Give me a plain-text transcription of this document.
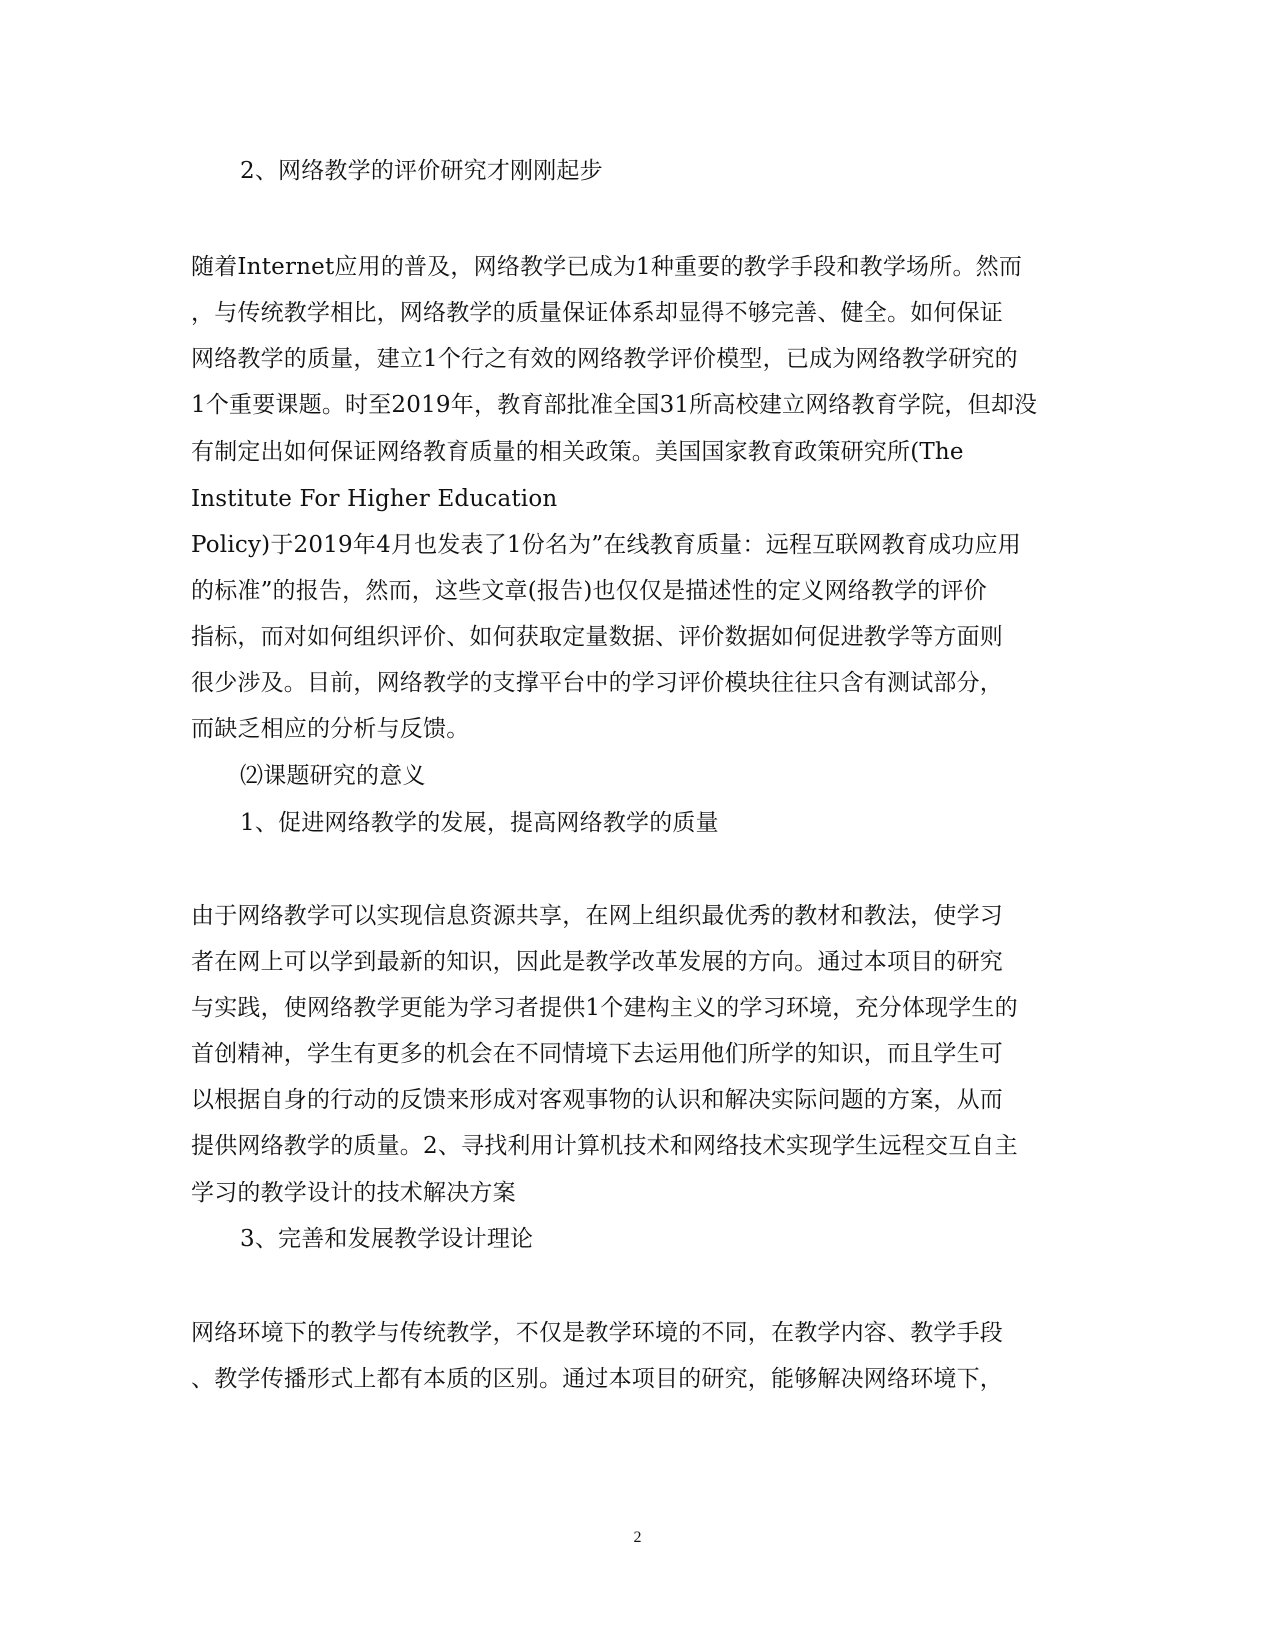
2、网络教学的评价研究才刚刚起步
随着Internet应用的普及，网络教学已成为1种重要的教学手段和教学场所。然而
，与传统教学相比，网络教学的质量保证体系却显得不够完善、健全。如何保证
网络教学的质量，建立1个行之有效的网络教学评价模型，已成为网络教学研究的
1个重要课题。时至2019年，教育部批准全国31所高校建立网络教育学院，但却没
有制定出如何保证网络教育质量的相关政策。美国国家教育政策研究所(The
Institute For Higher Education
Policy)于2019年4月也发表了1份名为”在线教育质量：远程互联网教育成功应用
的标准”的报告，然而，这些文章(报告)也仅仅是描述性的定义网络教学的评价
指标，而对如何组织评价、如何获取定量数据、评价数据如何促进教学等方面则
很少涉及。目前，网络教学的支撑平台中的学习评价模块往往只含有测试部分，
而缺乏相应的分析与反馈。
⑵课题研究的意义
1、促进网络教学的发展，提高网络教学的质量
由于网络教学可以实现信息资源共享，在网上组织最优秀的教材和教法，使学习
者在网上可以学到最新的知识，因此是教学改革发展的方向。通过本项目的研究
与实践，使网络教学更能为学习者提供1个建构主义的学习环境，充分体现学生的
首创精神，学生有更多的机会在不同情境下去运用他们所学的知识，而且学生可
以根据自身的行动的反馈来形成对客观事物的认识和解决实际问题的方案，从而
提供网络教学的质量。2、寻找利用计算机技术和网络技术实现学生远程交互自主
学习的教学设计的技术解决方案
3、完善和发展教学设计理论
网络环境下的教学与传统教学，不仅是教学环境的不同，在教学内容、教学手段
、教学传播形式上都有本质的区别。通过本项目的研究，能够解决网络环境下，
2
